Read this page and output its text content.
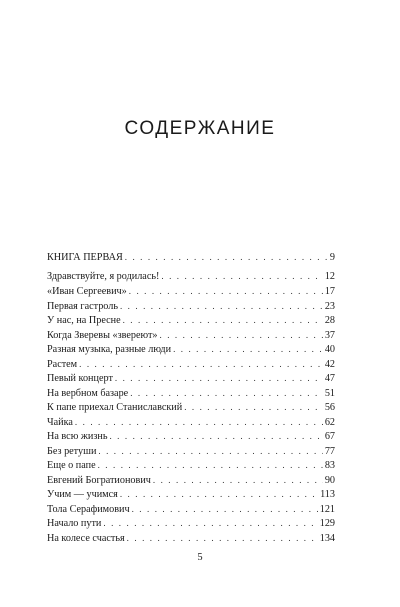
СОДЕРЖАНИЕ
КНИГА ПЕРВАЯ . . .	9
Здравствуйте, я родилась! . . .	12
«Иван Сергеевич» . . .	17
Первая гастроль . . .	23
У нас, на Пресне . . .	28
Когда Зверевы «зверeют» . . .	37
Разная музыка, разные люди . . .	40
Растем . . .	42
Певый концерт . . .	47
На вербном базаре . . .	51
К папе приехал Станиславский . . .	56
Чайка . . .	62
На всю жизнь . . .	67
Без ретуши . . .	77
Еще о папе . . .	83
Евгений Богратионович . . .	90
Учим — учимся . . .	113
Тола Серафимович . . .	121
Начало пути . . .	129
На колесе счастья . . .	134
5
